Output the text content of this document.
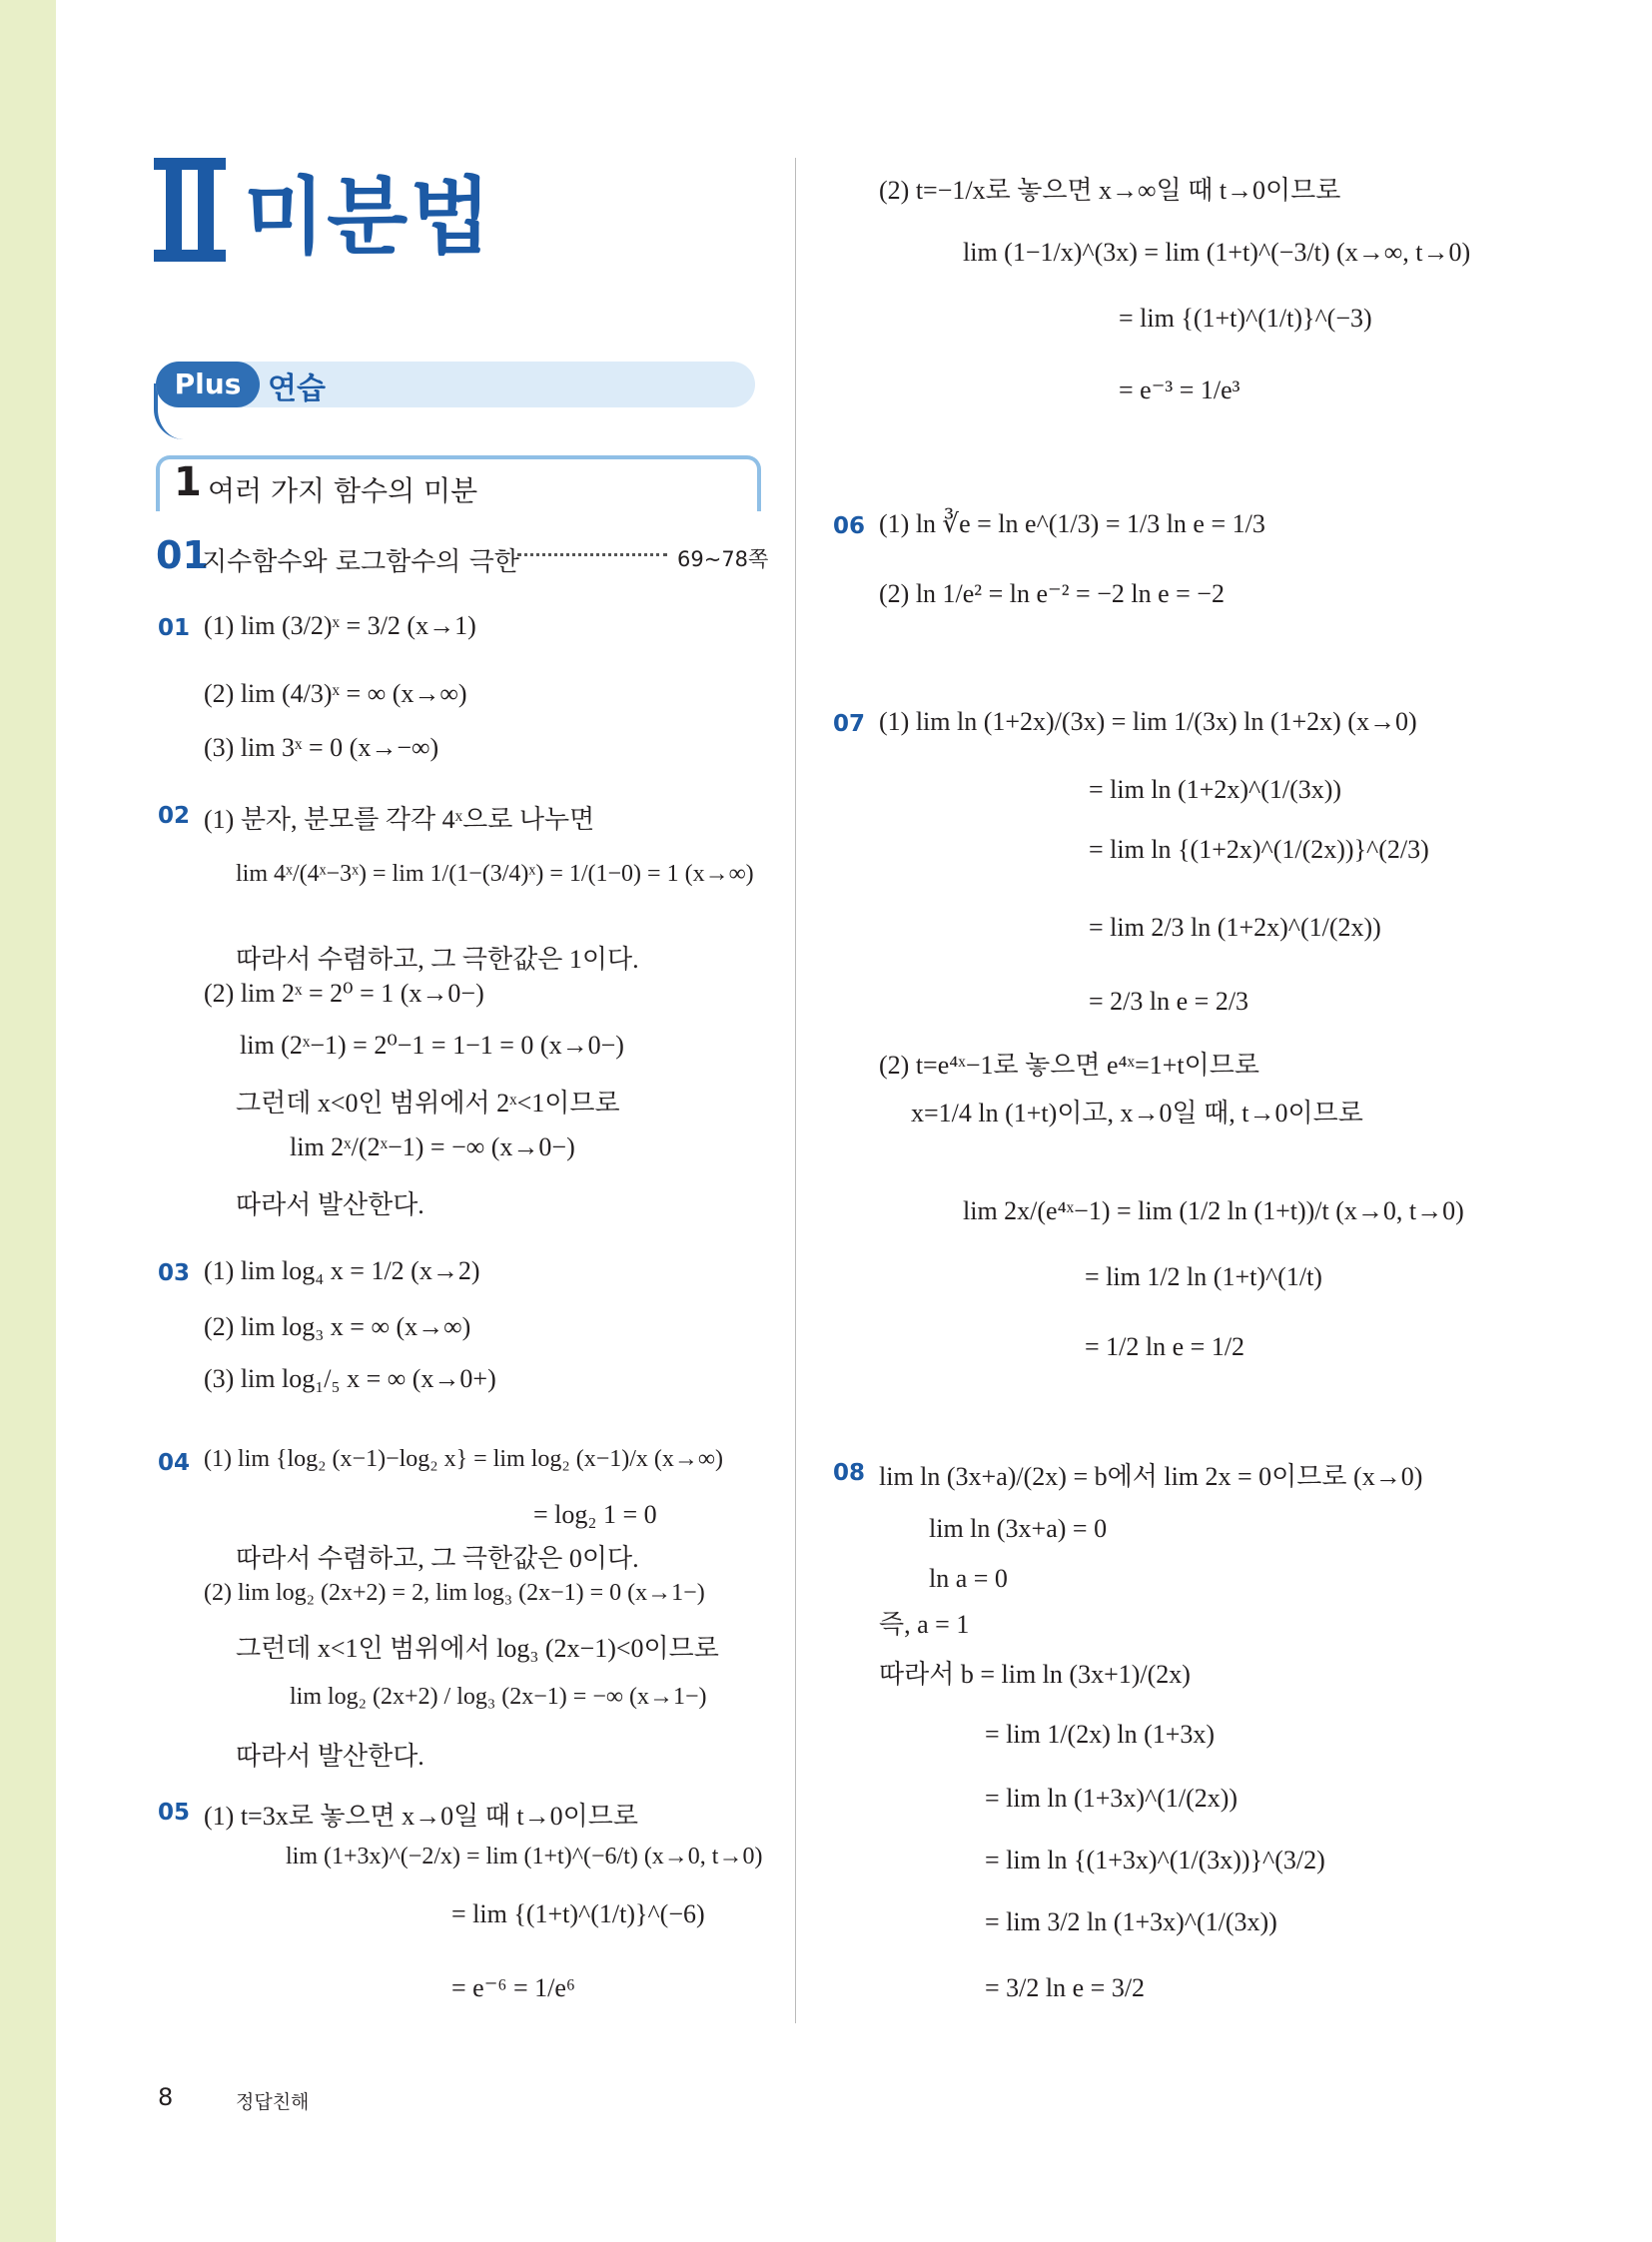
미분법
Plus 연습
1 여러 가지 함수의 미분
01
지수함수와 로그함수의 극한	69~78쪽
01 (1) lim (3/2)ˣ = 3/2 (x→1)
(2) lim (4/3)ˣ = ∞ (x→∞)
(3) lim 3ˣ = 0 (x→−∞)
02 (1) 분자, 분모를 각각 4ˣ으로 나누면
lim 4ˣ/(4ˣ−3ˣ) = lim 1/(1−(3/4)ˣ) = 1/(1−0) = 1 (x→∞)
따라서 수렴하고, 그 극한값은 1이다.
(2) lim 2ˣ = 2⁰ = 1 (x→0−)
lim (2ˣ−1) = 2⁰−1 = 1−1 = 0 (x→0−)
그런데 x<0인 범위에서 2ˣ<1이므로
lim 2ˣ/(2ˣ−1) = −∞ (x→0−)
따라서 발산한다.
03 (1) lim log₄ x = 1/2 (x→2)
(2) lim log₃ x = ∞ (x→∞)
(3) lim log₁/₅ x = ∞ (x→0+)
04 (1) lim {log₂ (x−1)−log₂ x} = lim log₂ (x−1)/x (x→∞)
= log₂ 1 = 0
따라서 수렴하고, 그 극한값은 0이다.
(2) lim log₂ (2x+2) = 2, lim log₃ (2x−1) = 0 (x→1−)
그런데 x<1인 범위에서 log₃ (2x−1)<0이므로
lim log₂ (2x+2) / log₃ (2x−1) = −∞ (x→1−)
따라서 발산한다.
05 (1) t=3x로 놓으면 x→0일 때 t→0이므로
lim (1+3x)^(−2/x) = lim (1+t)^(−6/t) (x→0, t→0)
= lim {(1+t)^(1/t)}^(−6)
= e⁻⁶ = 1/e⁶
(2) t=−1/x로 놓으면 x→∞일 때 t→0이므로
lim (1−1/x)^(3x) = lim (1+t)^(−3/t) (x→∞, t→0)
= lim {(1+t)^(1/t)}^(−3)
= e⁻³ = 1/e³
06 (1) ln ∛e = ln e^(1/3) = 1/3 ln e = 1/3
(2) ln 1/e² = ln e⁻² = −2 ln e = −2
07 (1) lim ln (1+2x)/(3x) = lim 1/(3x) ln (1+2x) (x→0)
= lim ln (1+2x)^(1/(3x))
= lim ln {(1+2x)^(1/(2x))}^(2/3)
= lim 2/3 ln (1+2x)^(1/(2x))
= 2/3 ln e = 2/3
(2) t=e⁴ˣ−1로 놓으면 e⁴ˣ=1+t이므로
x=1/4 ln (1+t)이고, x→0일 때, t→0이므로
lim 2x/(e⁴ˣ−1) = lim (1/2 ln (1+t))/t (x→0, t→0)
= lim 1/2 ln (1+t)^(1/t)
= 1/2 ln e = 1/2
08 lim ln (3x+a)/(2x) = b에서 lim 2x = 0이므로 (x→0)
lim ln (3x+a) = 0
ln a = 0
즉, a = 1
따라서 b = lim ln (3x+1)/(2x)
= lim 1/(2x) ln (1+3x)
= lim ln (1+3x)^(1/(2x))
= lim ln {(1+3x)^(1/(3x))}^(3/2)
= lim 3/2 ln (1+3x)^(1/(3x))
= 3/2 ln e = 3/2
8	정답친해
